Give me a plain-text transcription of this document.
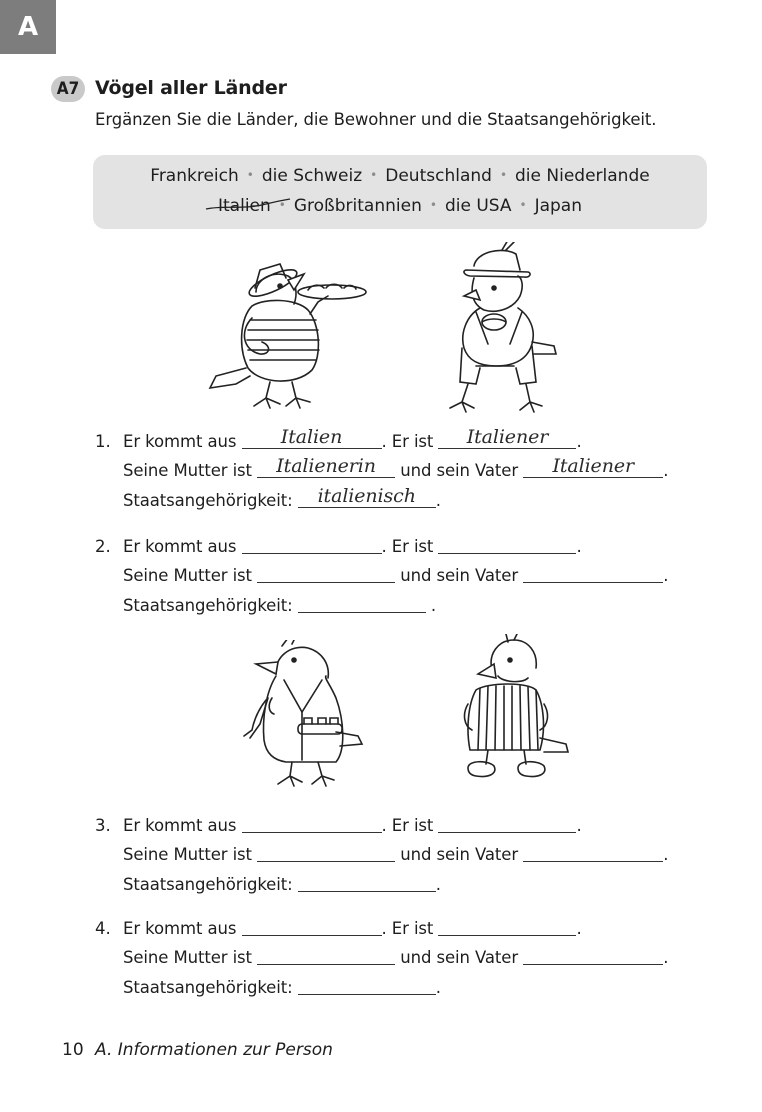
A
A7 Vögel aller Länder
Ergänzen Sie die Länder, die Bewohner und die Staatsangehörigkeit.
Frankreich • die Schweiz • Deutschland • die Niederlande
Italien • Großbritannien • die USA • Japan
1. Er kommt aus	Italien	. Er ist	Italiener	.
Seine Mutter ist	Italienerin	und sein Vater	Italiener	.
Staatsangehörigkeit:	italienisch	.
2. Er kommt aus	. Er ist	.
Seine Mutter ist	und sein Vater	.
Staatsangehörigkeit:	.
3. Er kommt aus	. Er ist	.
Seine Mutter ist	und sein Vater	.
Staatsangehörigkeit:	.
4. Er kommt aus	. Er ist	.
Seine Mutter ist	und sein Vater	.
Staatsangehörigkeit:	.
10 A. Informationen zur Person
